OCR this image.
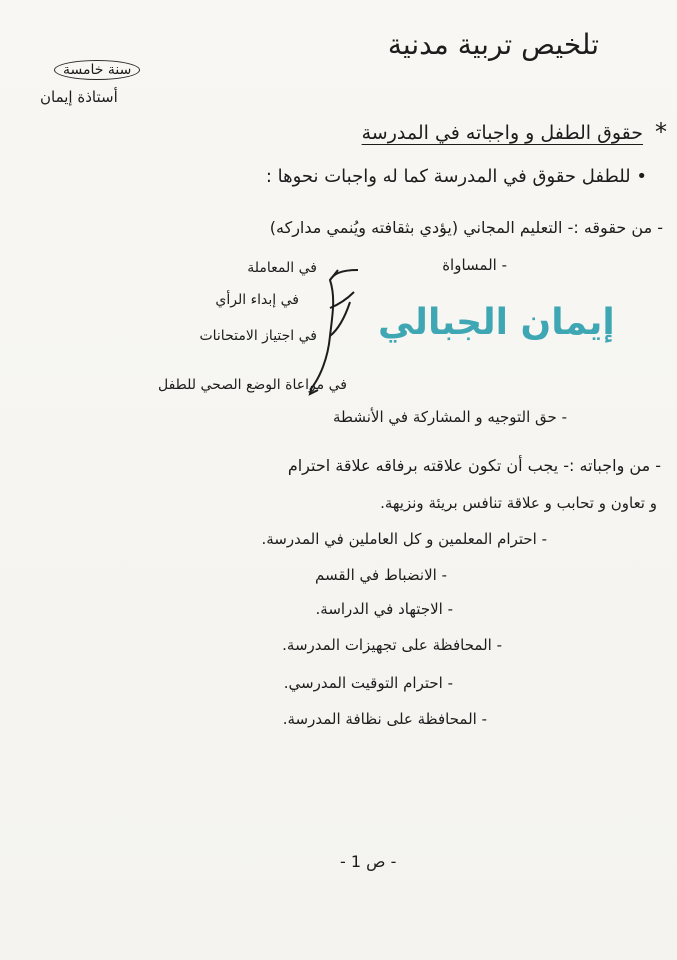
تلخيص تربية مدنية
سنة خامسة
أستاذة إيمان
*
حقوق الطفل و واجباته في المدرسة
• للطفل حقوق في المدرسة كما له واجبات نحوها :
- من حقوقه :- التعليم المجاني (يؤدي بثقافته ويُنمي مداركه)
- المساواة
في المعاملة
في إبداء الرأي
في اجتياز الامتحانات
في مراعاة الوضع الصحي للطفل
إيمان الجبالي
- حق التوجيه و المشاركة في الأنشطة
- من واجباته :- يجب أن تكون علاقته برفاقه علاقة احترام
و تعاون و تحابب و علاقة تنافس بريئة ونزيهة.
- احترام المعلمين و كل العاملين في المدرسة.
- الانضباط في القسم
- الاجتهاد في الدراسة.
- المحافظة على تجهيزات المدرسة.
- احترام التوقيت المدرسي.
- المحافظة على نظافة المدرسة.
- ص 1 -
